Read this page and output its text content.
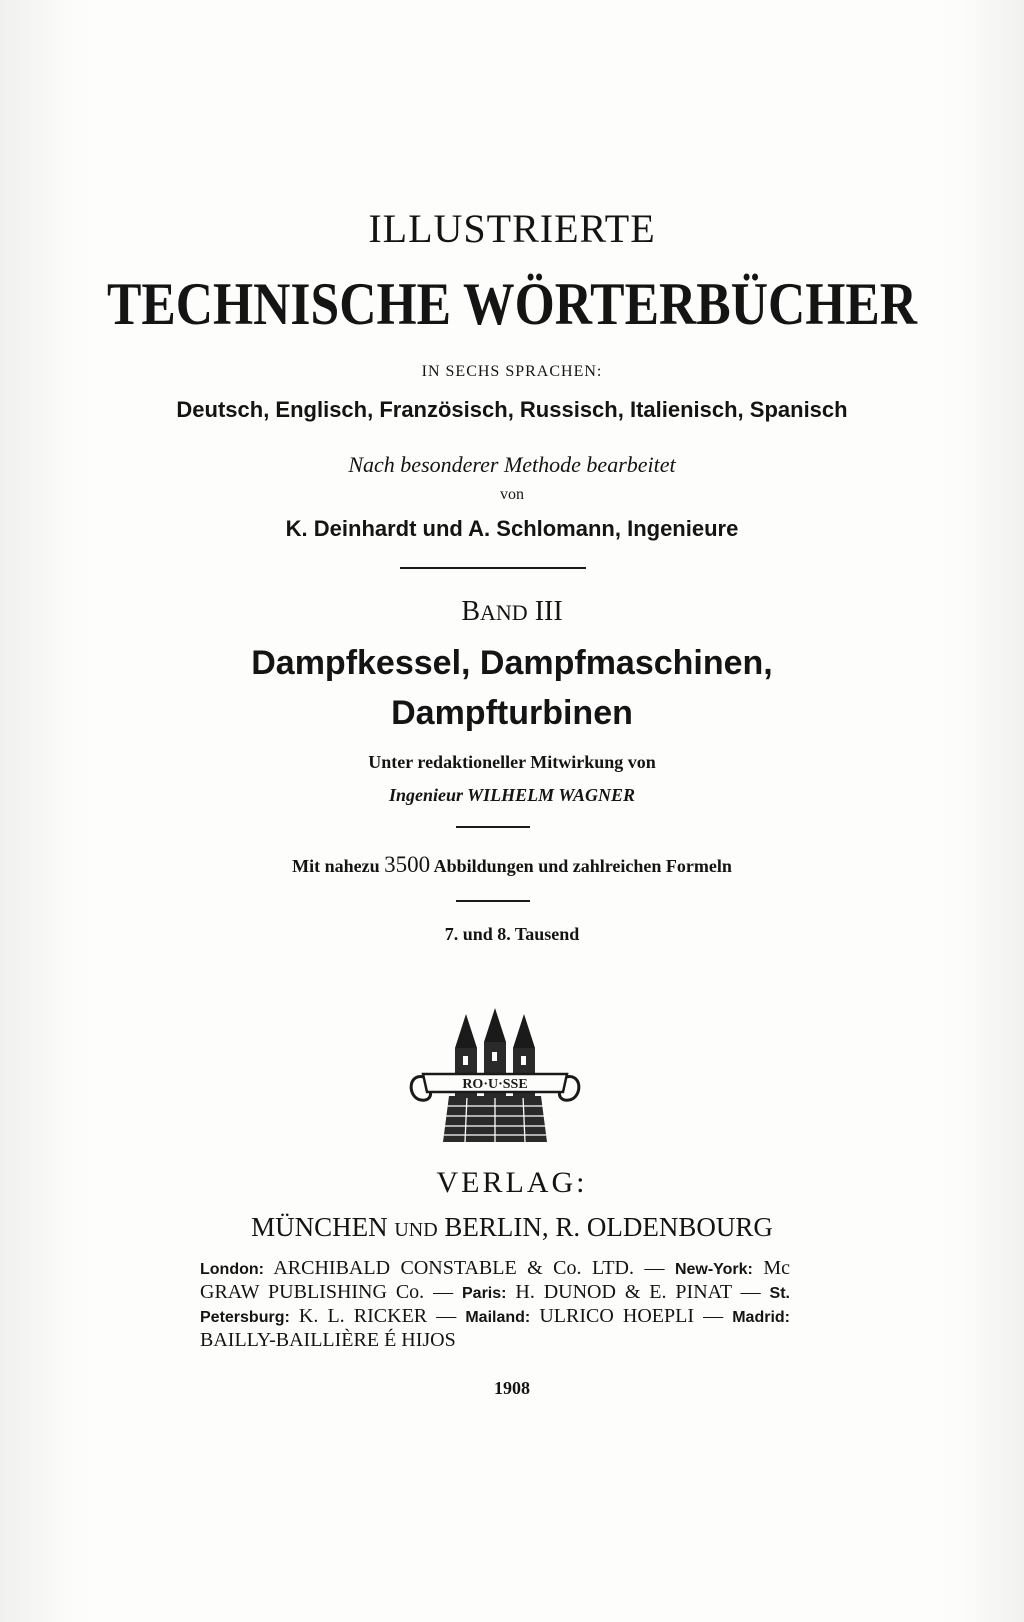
ILLUSTRIERTE
TECHNISCHE WÖRTERBÜCHER
IN SECHS SPRACHEN:
Deutsch, Englisch, Französisch, Russisch, Italienisch, Spanisch
Nach besonderer Methode bearbeitet
von
K. Deinhardt und A. Schlomann, Ingenieure
BAND III
Dampfkessel, Dampfmaschinen,
Dampfturbinen
Unter redaktioneller Mitwirkung von
Ingenieur WILHELM WAGNER
Mit nahezu 3500 Abbildungen und zahlreichen Formeln
7. und 8. Tausend
RO·U·SSE
VERLAG:
MÜNCHEN UND BERLIN, R. OLDENBOURG
London: ARCHIBALD CONSTABLE & Co. LTD. — New-York: Mc GRAW PUBLISHING Co. — Paris: H. DUNOD & E. PINAT — St. Petersburg: K. L. RICKER — Mailand: ULRICO HOEPLI — Madrid: BAILLY-BAILLIÈRE É HIJOS
1908
